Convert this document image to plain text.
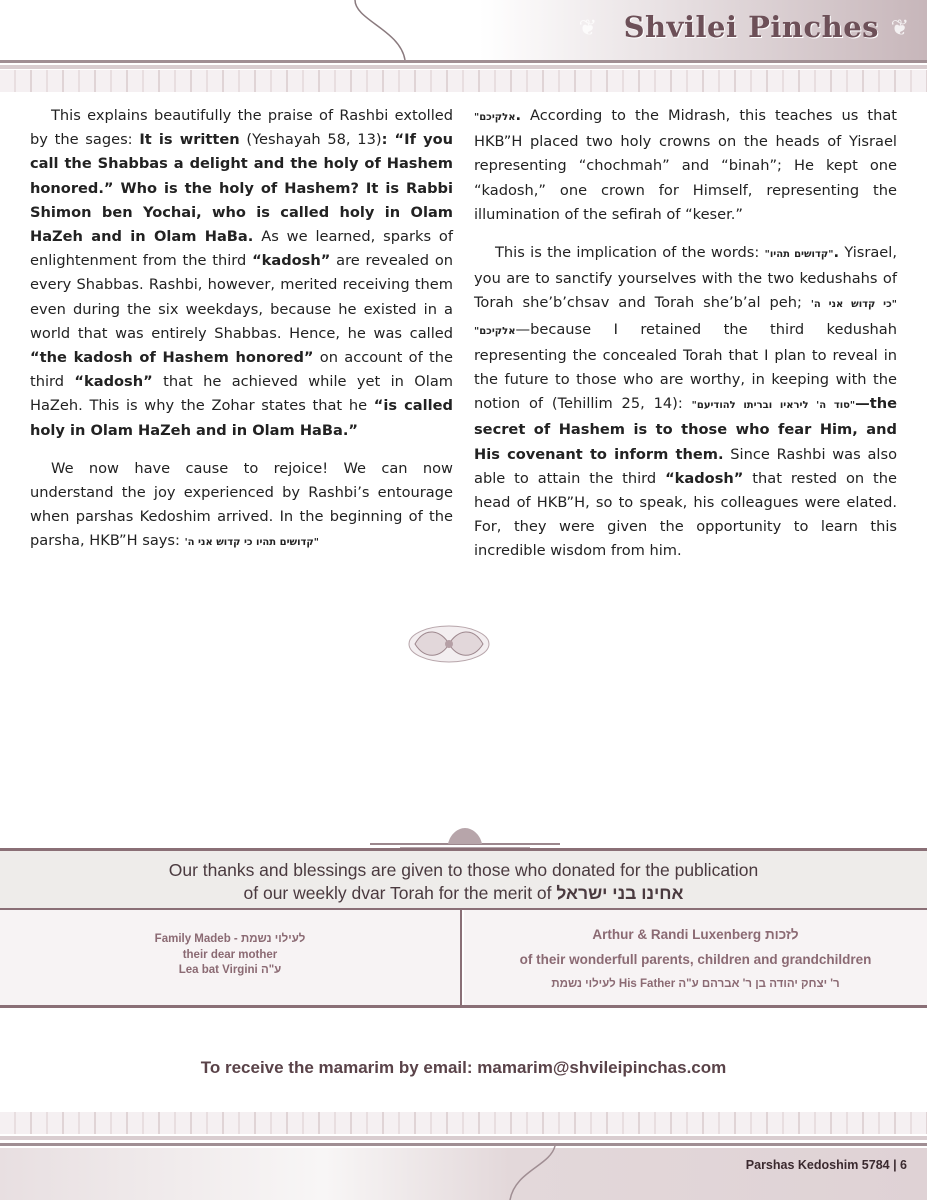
❦ Shvilei Pinches ❦

This explains beautifully the praise of Rashbi extolled by the sages: It is written (Yeshayah 58, 13): “If you call the Shabbas a delight and the holy of Hashem honored.” Who is the holy of Hashem? It is Rabbi Shimon ben Yochai, who is called holy in Olam HaZeh and in Olam HaBa. As we learned, sparks of enlightenment from the third “kadosh” are revealed on every Shabbas. Rashbi, however, merited receiving them even during the six weekdays, because he existed in a world that was entirely Shabbas. Hence, he was called “the kadosh of Hashem honored” on account of the third “kadosh” that he achieved while yet in Olam HaZeh. This is why the Zohar states that he “is called holy in Olam HaZeh and in Olam HaBa.”

We now have cause to rejoice! We can now understand the joy experienced by Rashbi’s entourage when parshas Kedoshim arrived. In the beginning of the parsha, HKB”H says: "קדושים תהיו כי קדוש אני ה'

אלקיכם". According to the Midrash, this teaches us that HKB”H placed two holy crowns on the heads of Yisrael representing “chochmah” and “binah”; He kept one “kadosh,” one crown for Himself, representing the illumination of the sefirah of “keser.”

This is the implication of the words: "קדושים תהיו". Yisrael, you are to sanctify yourselves with the two kedushahs of Torah she’b’chsav and Torah she’b’al peh; "כי קדוש אני ה' אלקיכם"—because I retained the third kedushah representing the concealed Torah that I plan to reveal in the future to those who are worthy, in keeping with the notion of (Tehillim 25, 14): "סוד ה' ליראיו ובריתו להודיעם"—the secret of Hashem is to those who fear Him, and His covenant to inform them. Since Rashbi was also able to attain the third “kadosh” that rested on the head of HKB”H, so to speak, his colleagues were elated. For, they were given the opportunity to learn this incredible wisdom from him.

Our thanks and blessings are given to those who donated for the publication
of our weekly dvar Torah for the merit of אחינו בני ישראל
Family Madeb - לעילוי נשמת
their dear mother
Lea bat Virgini ע"ה
Arthur & Randi Luxenberg לזכות
of their wonderfull parents, children and grandchildren
לעילוי נשמת His Father ר' יצחק יהודה בן ר' אברהם ע"ה
To receive the mamarim by email: mamarim@shvileipinchas.com
Parshas Kedoshim 5784 | 6
